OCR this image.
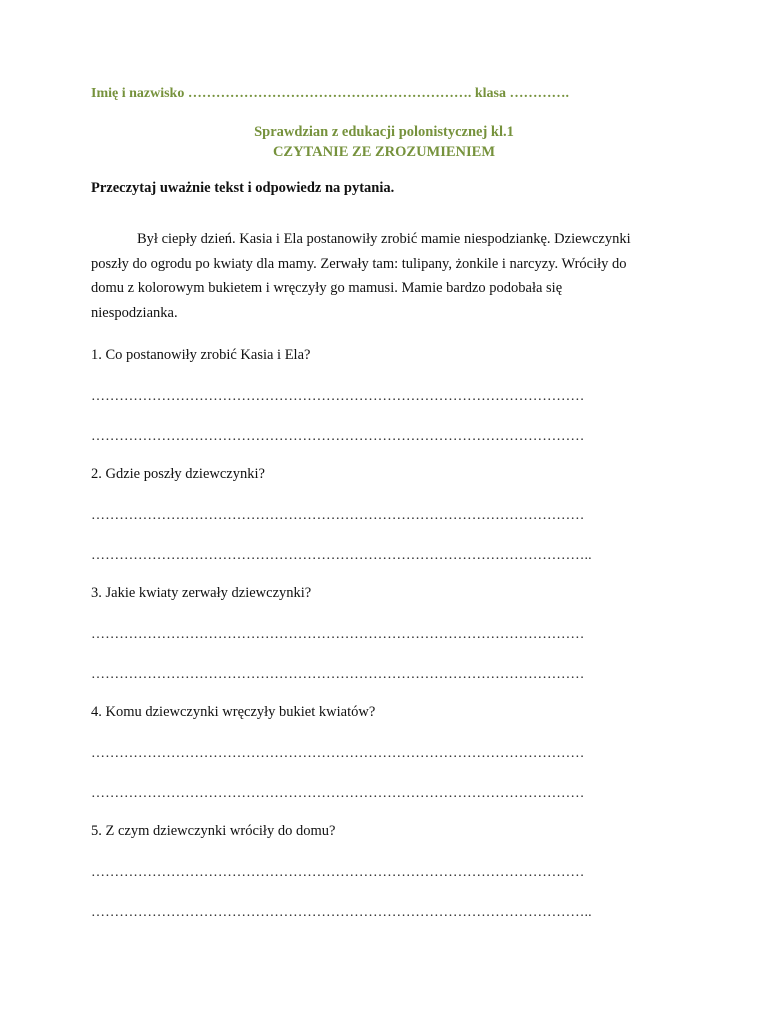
Imię i nazwisko ……………………………………………………. klasa ………….
Sprawdzian z edukacji polonistycznej kl.1
CZYTANIE ZE ZROZUMIENIEM
Przeczytaj uważnie tekst i odpowiedz na pytania.

Był ciepły dzień. Kasia i Ela postanowiły zrobić mamie niespodziankę. Dziewczynki
poszły do ogrodu po kwiaty dla mamy. Zerwały tam: tulipany, żonkile i narcyzy. Wróciły do
domu z kolorowym bukietem i wręczyły go mamusi. Mamie bardzo podobała się
niespodzianka.

1. Co postanowiły zrobić Kasia i Ela?
……………………………………………………………………………………………
……………………………………………………………………………………………
2. Gdzie poszły dziewczynki?
……………………………………………………………………………………………
……………………………………………………………………………………………..
3. Jakie kwiaty zerwały dziewczynki?
……………………………………………………………………………………………
……………………………………………………………………………………………
4. Komu dziewczynki wręczyły bukiet kwiatów?
……………………………………………………………………………………………
……………………………………………………………………………………………
5. Z czym dziewczynki wróciły do domu?
……………………………………………………………………………………………
……………………………………………………………………………………………..
